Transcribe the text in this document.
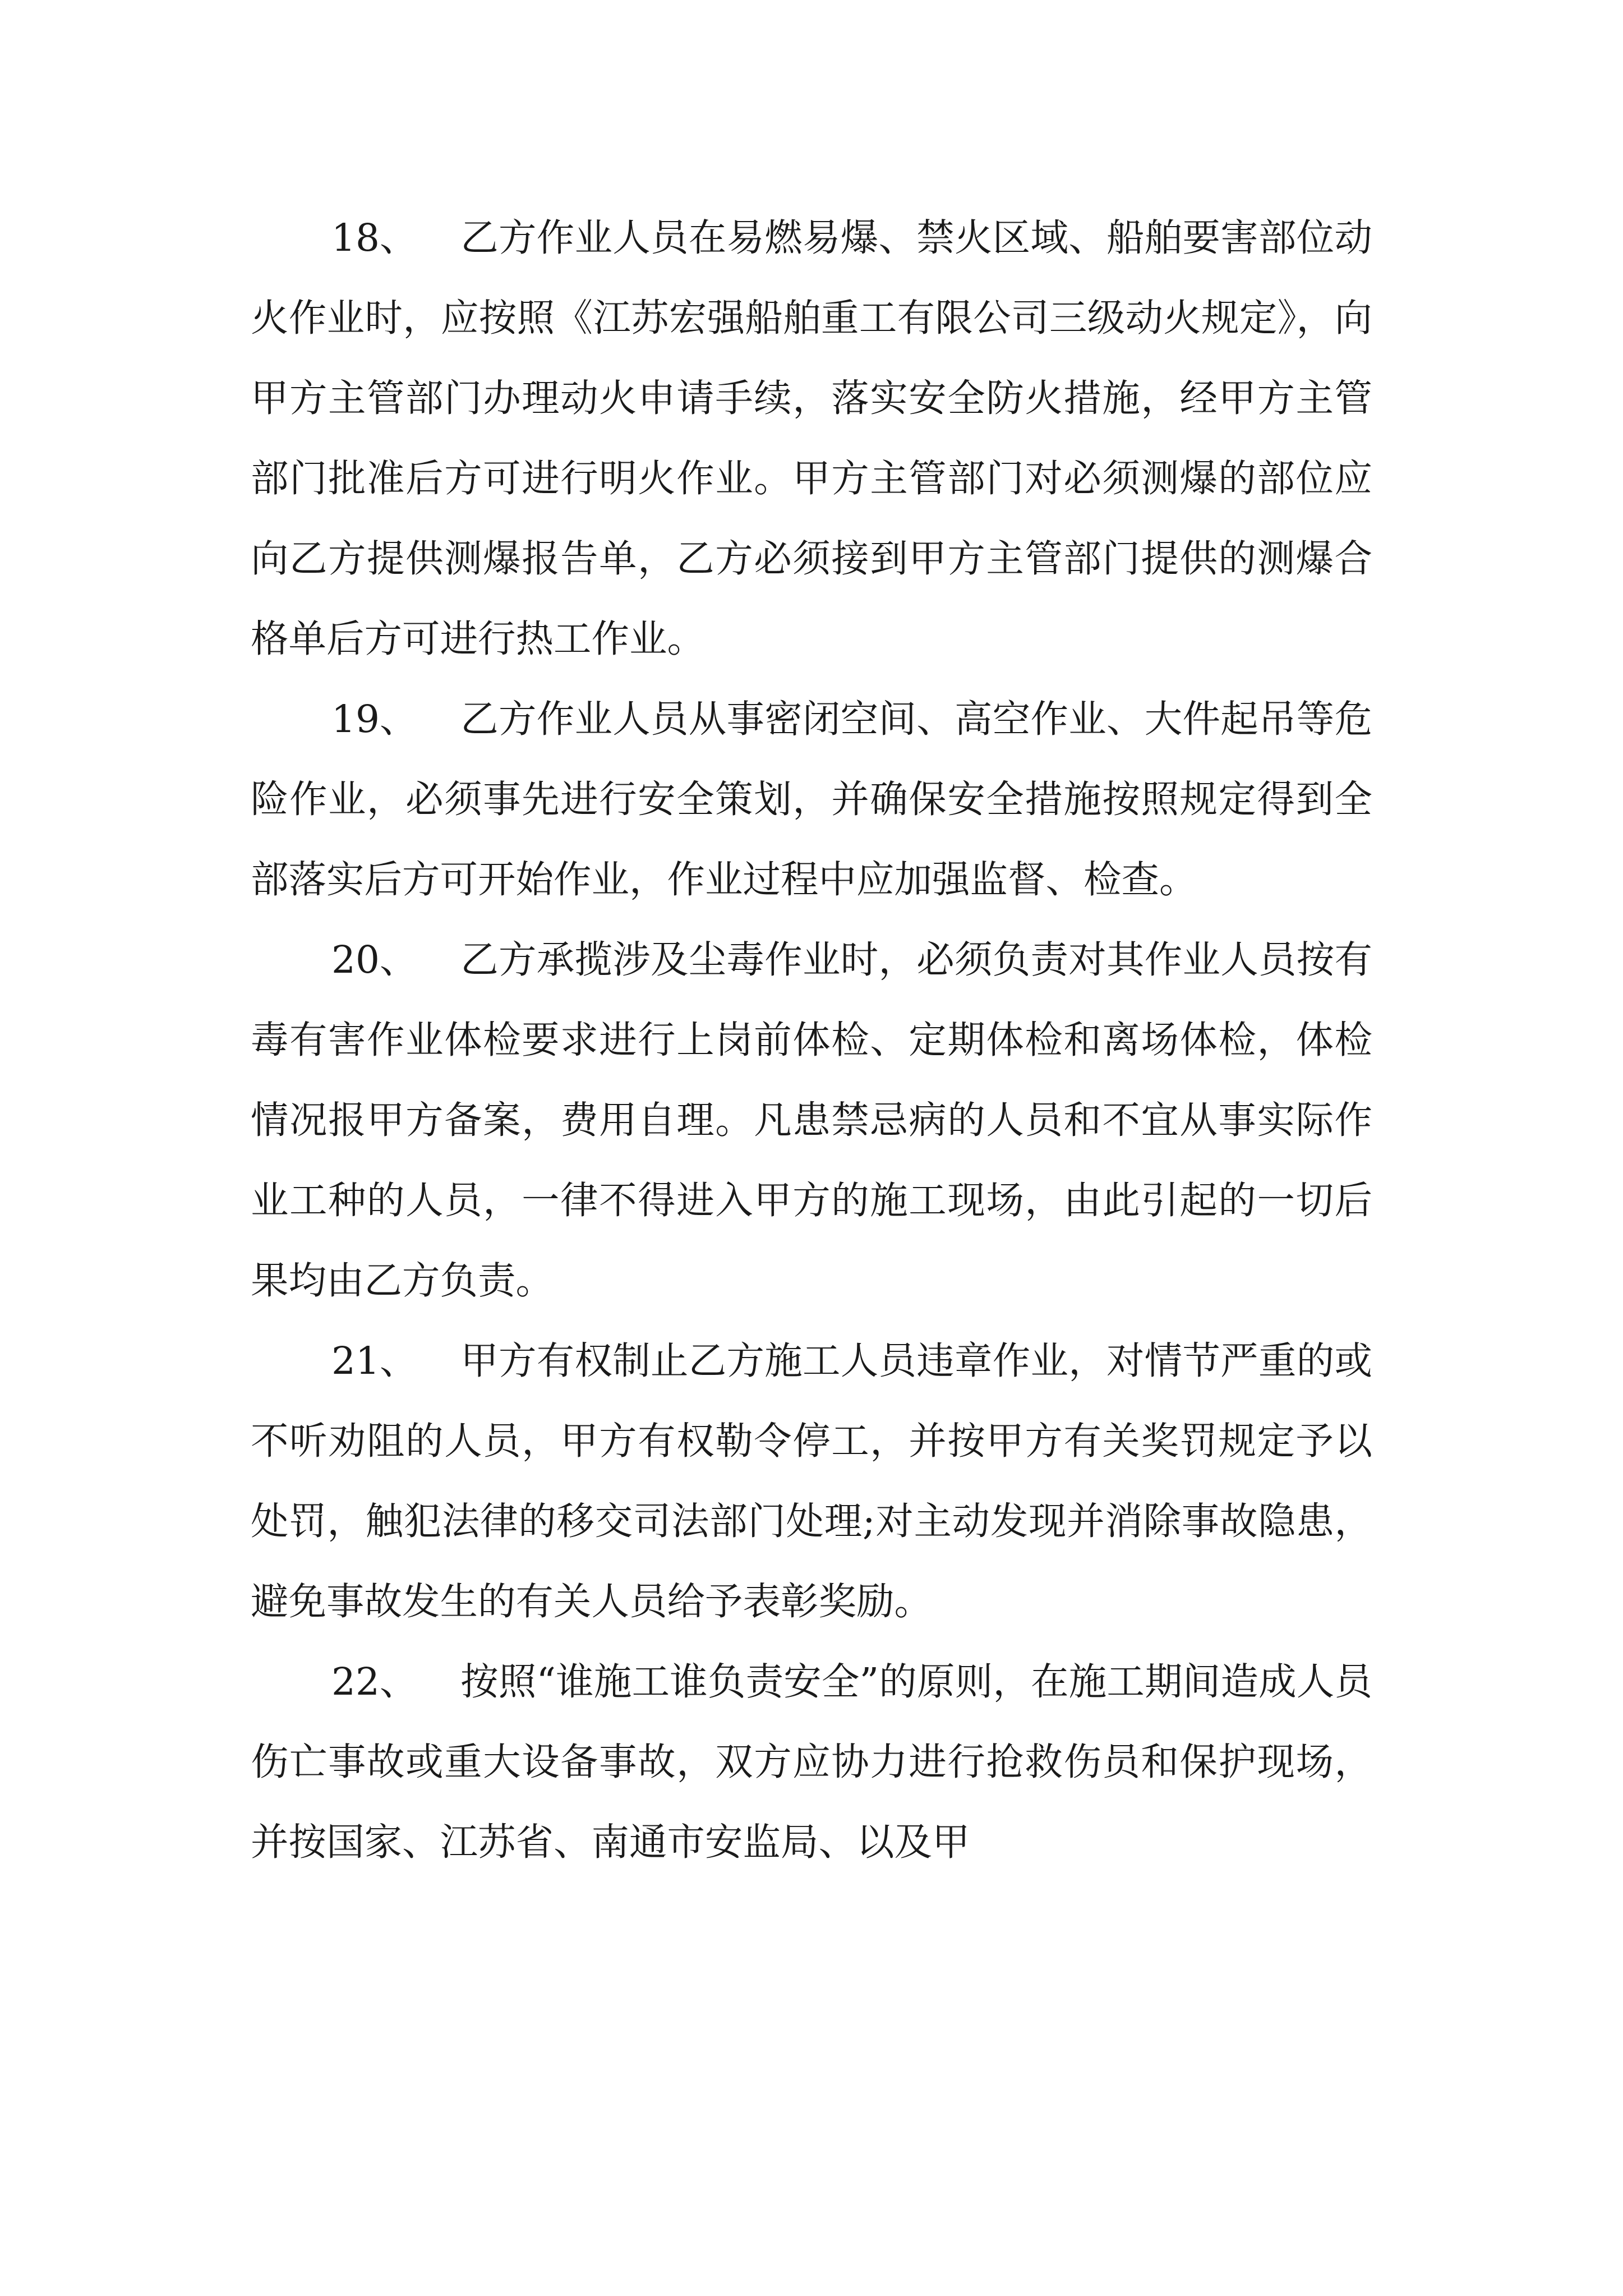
18、 乙方作业人员在易燃易爆、禁火区域、船舶要害部位动火作业时，应按照《江苏宏强船舶重工有限公司三级动火规定》，向甲方主管部门办理动火申请手续，落实安全防火措施，经甲方主管部门批准后方可进行明火作业。甲方主管部门对必须测爆的部位应向乙方提供测爆报告单，乙方必须接到甲方主管部门提供的测爆合格单后方可进行热工作业。

19、 乙方作业人员从事密闭空间、高空作业、大件起吊等危险作业，必须事先进行安全策划，并确保安全措施按照规定得到全部落实后方可开始作业，作业过程中应加强监督、检查。

20、 乙方承揽涉及尘毒作业时，必须负责对其作业人员按有毒有害作业体检要求进行上岗前体检、定期体检和离场体检，体检情况报甲方备案，费用自理。凡患禁忌病的人员和不宜从事实际作业工种的人员，一律不得进入甲方的施工现场，由此引起的一切后果均由乙方负责。

21、 甲方有权制止乙方施工人员违章作业，对情节严重的或不听劝阻的人员，甲方有权勒令停工，并按甲方有关奖罚规定予以处罚，触犯法律的移交司法部门处理;对主动发现并消除事故隐患，避免事故发生的有关人员给予表彰奖励。

22、 按照“谁施工谁负责安全”的原则，在施工期间造成人员伤亡事故或重大设备事故，双方应协力进行抢救伤员和保护现场，并按国家、江苏省、南通市安监局、以及甲
